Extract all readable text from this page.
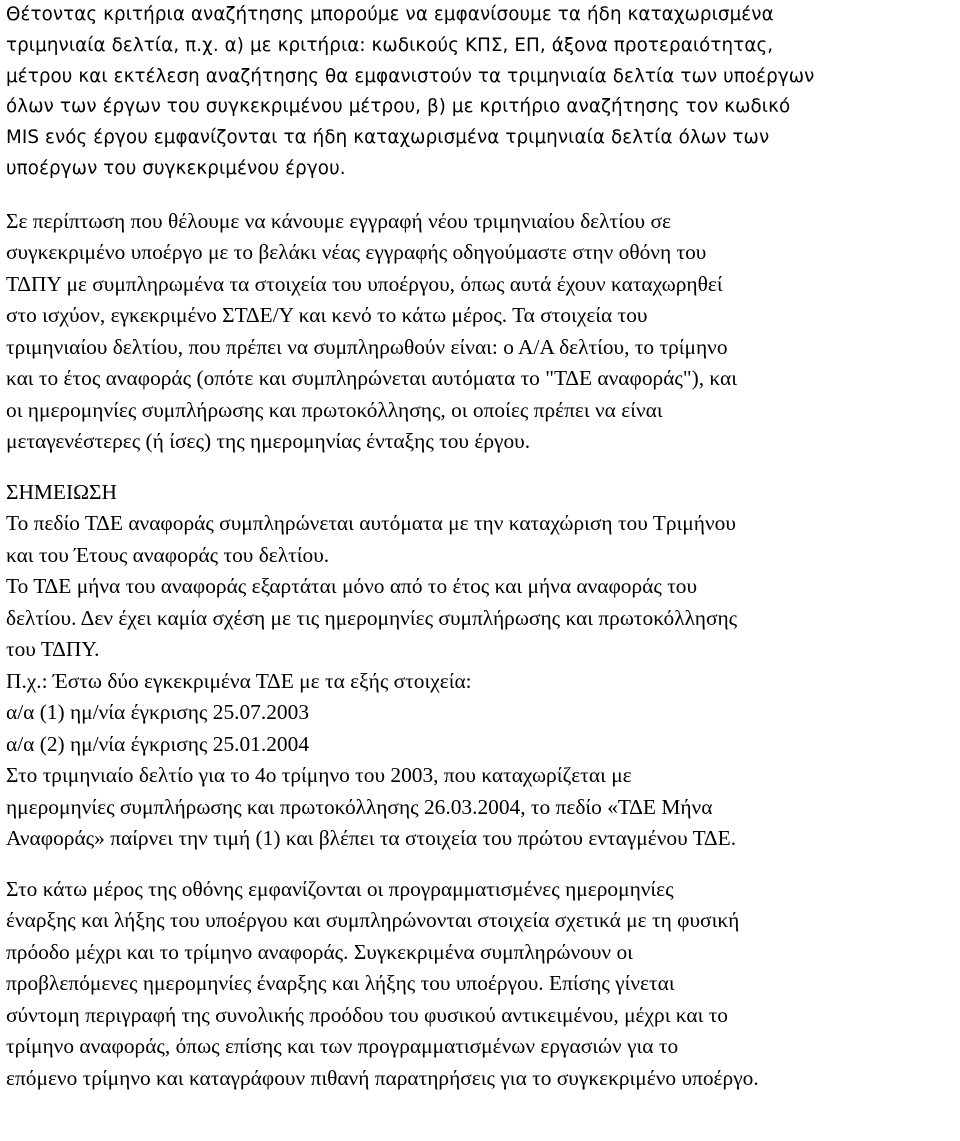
Θέτοντας κριτήρια αναζήτησης μπορούμε να εμφανίσουμε τα ήδη καταχωρισμένα
τριμηνιαία δελτία, π.χ. α) με κριτήρια: κωδικούς ΚΠΣ, ΕΠ, άξονα προτεραιότητας,
μέτρου και εκτέλεση αναζήτησης θα εμφανιστούν τα τριμηνιαία δελτία των υποέργων
όλων των έργων του συγκεκριμένου μέτρου, β) με κριτήριο αναζήτησης τον κωδικό
MIS ενός έργου εμφανίζονται τα ήδη καταχωρισμένα τριμηνιαία δελτία όλων των
υποέργων του συγκεκριμένου έργου.
Σε περίπτωση που θέλουμε να κάνουμε εγγραφή νέου τριμηνιαίου δελτίου σε
συγκεκριμένο υποέργο με το βελάκι νέας εγγραφής οδηγούμαστε στην οθόνη του
ΤΔΠΥ με συμπληρωμένα τα στοιχεία του υποέργου, όπως αυτά έχουν καταχωρηθεί
στο ισχύον, εγκεκριμένο ΣΤΔΕ/Υ και κενό το κάτω μέρος. Τα στοιχεία του
τριμηνιαίου δελτίου, που πρέπει να συμπληρωθούν είναι: ο Α/Α δελτίου, το τρίμηνο
και το έτος αναφοράς (οπότε και συμπληρώνεται αυτόματα το "ΤΔΕ αναφοράς"), και
οι ημερομηνίες συμπλήρωσης και πρωτοκόλλησης, οι οποίες πρέπει να είναι
μεταγενέστερες (ή ίσες) της ημερομηνίας ένταξης του έργου.
ΣΗΜΕΙΩΣΗ
Το πεδίο ΤΔΕ αναφοράς συμπληρώνεται αυτόματα με την καταχώριση του Τριμήνου
και του Έτους αναφοράς του δελτίου.
Το ΤΔΕ μήνα του αναφοράς εξαρτάται μόνο από το έτος και μήνα αναφοράς του
δελτίου. Δεν έχει καμία σχέση με τις ημερομηνίες συμπλήρωσης και πρωτοκόλλησης
του ΤΔΠΥ.
Π.χ.: Έστω δύο εγκεκριμένα ΤΔΕ με τα εξής στοιχεία:
α/α (1) ημ/νία έγκρισης 25.07.2003
α/α (2) ημ/νία έγκρισης 25.01.2004
Στο τριμηνιαίο δελτίο για το 4ο τρίμηνο του 2003, που καταχωρίζεται με
ημερομηνίες συμπλήρωσης και πρωτοκόλλησης 26.03.2004, το πεδίο «ΤΔΕ Μήνα
Αναφοράς» παίρνει την τιμή (1) και βλέπει τα στοιχεία του πρώτου ενταγμένου ΤΔΕ.
Στο κάτω μέρος της οθόνης εμφανίζονται οι προγραμματισμένες ημερομηνίες
έναρξης και λήξης του υποέργου και συμπληρώνονται στοιχεία σχετικά με τη φυσική
πρόοδο μέχρι και το τρίμηνο αναφοράς. Συγκεκριμένα συμπληρώνουν οι
προβλεπόμενες ημερομηνίες έναρξης και λήξης του υποέργου. Επίσης γίνεται
σύντομη περιγραφή της συνολικής προόδου του φυσικού αντικειμένου, μέχρι και το
τρίμηνο αναφοράς, όπως επίσης και των προγραμματισμένων εργασιών για το
επόμενο τρίμηνο και καταγράφουν πιθανή παρατηρήσεις για το συγκεκριμένο υποέργο.
